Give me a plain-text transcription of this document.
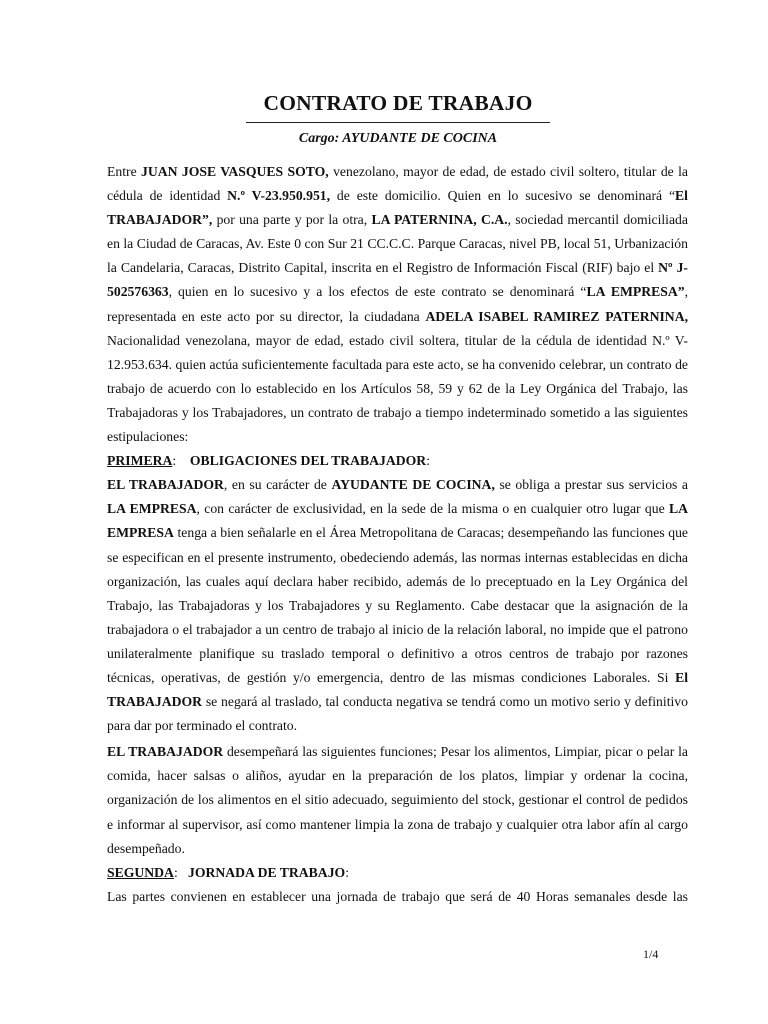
CONTRATO DE TRABAJO

Cargo: AYUDANTE DE COCINA

Entre JUAN JOSE VASQUES SOTO, venezolano, mayor de edad, de estado civil soltero, titular de la cédula de identidad N.º V-23.950.951, de este domicilio. Quien en lo sucesivo se denominará “El TRABAJADOR”, por una parte y por la otra, LA PATERNINA, C.A., sociedad mercantil domiciliada en la Ciudad de Caracas, Av. Este 0 con Sur 21 CC.C.C. Parque Caracas, nivel PB, local 51, Urbanización la Candelaria, Caracas, Distrito Capital, inscrita en el Registro de Información Fiscal (RIF) bajo el Nº J-502576363, quien en lo sucesivo y a los efectos de este contrato se denominará “LA EMPRESA”, representada en este acto por su director, la ciudadana ADELA ISABEL RAMIREZ PATERNINA, Nacionalidad venezolana, mayor de edad, estado civil soltera, titular de la cédula de identidad N.º V- 12.953.634. quien actúa suficientemente facultada para este acto, se ha convenido celebrar, un contrato de trabajo de acuerdo con lo establecido en los Artículos 58, 59 y 62 de la Ley Orgánica del Trabajo, las Trabajadoras y los Trabajadores, un contrato de trabajo a tiempo indeterminado sometido a las siguientes estipulaciones:

PRIMERA:    OBLIGACIONES DEL TRABAJADOR:

EL TRABAJADOR, en su carácter de AYUDANTE DE COCINA, se obliga a prestar sus servicios a LA EMPRESA, con carácter de exclusividad, en la sede de la misma o en cualquier otro lugar que LA EMPRESA tenga a bien señalarle en el Área Metropolitana de Caracas; desempeñando las funciones que se especifican en el presente instrumento, obedeciendo además, las normas internas establecidas en dicha organización, las cuales aquí declara haber recibido, además de lo preceptuado en la Ley Orgánica del Trabajo, las Trabajadoras y los Trabajadores y su Reglamento. Cabe destacar que la asignación de la trabajadora o el trabajador a un centro de trabajo al inicio de la relación laboral, no impide que el patrono unilateralmente planifique su traslado temporal o definitivo a otros centros de trabajo por razones técnicas, operativas, de gestión y/o emergencia, dentro de las mismas condiciones Laborales. Si El TRABAJADOR se negará al traslado, tal conducta negativa se tendrá como un motivo serio y definitivo para dar por terminado el contrato.

EL TRABAJADOR desempeñará las siguientes funciones; Pesar los alimentos, Limpiar, picar o pelar la comida, hacer salsas o aliños, ayudar en la preparación de los platos, limpiar y ordenar la cocina, organización de los alimentos en el sitio adecuado, seguimiento del stock, gestionar el control de pedidos e informar al supervisor, así como mantener limpia la zona de trabajo y cualquier otra labor afín al cargo desempeñado.

SEGUNDA:   JORNADA DE TRABAJO:

Las partes convienen en establecer una jornada de trabajo que será de 40 Horas semanales desde las

1/4
